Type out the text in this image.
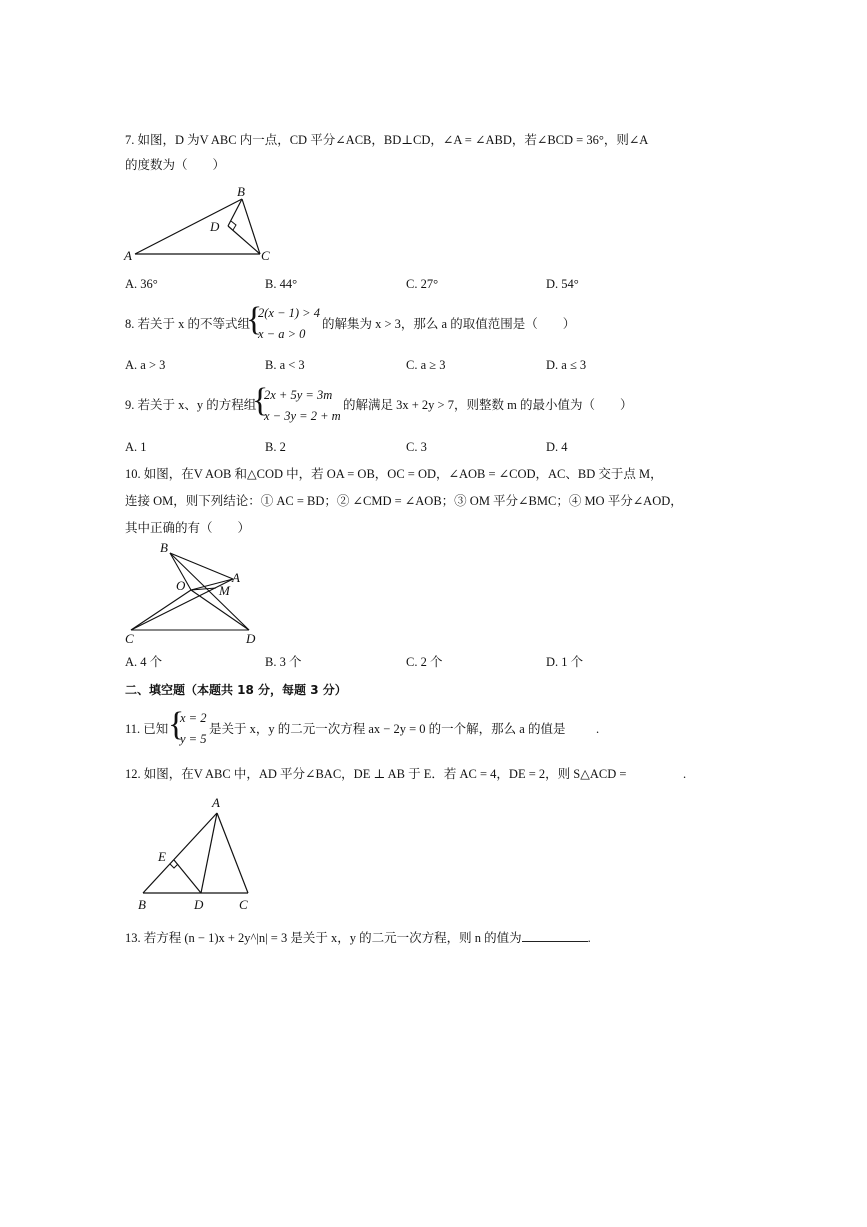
7. 如图，D 为V ABC 内一点，CD 平分∠ACB，BD⊥CD，∠A = ∠ABD，若∠BCD = 36°，则∠A
的度数为（　　）
B
D
A	C
A. 36°	B. 44°	C. 27°	D. 54°
8. 若关于 x 的不等式组
{
2(x − 1) > 4
x − a > 0
的解集为 x > 3，那么 a 的取值范围是（　　）
A. a > 3	B. a < 3	C. a ≥ 3	D. a ≤ 3
9. 若关于 x、y 的方程组
{
2x + 5y = 3m
x − 3y = 2 + m
的解满足 3x + 2y > 7，则整数 m 的最小值为（　　）
A. 1	B. 2	C. 3	D. 4
10. 如图，在V AOB 和△COD 中，若 OA = OB，OC = OD，∠AOB = ∠COD，AC、BD 交于点 M，
连接 OM，则下列结论：① AC = BD；② ∠CMD = ∠AOB；③ OM 平分∠BMC；④ MO 平分∠AOD，
其中正确的有（　　）
B
O
A
M
C	D
A. 4 个	B. 3 个	C. 2 个	D. 1 个
二、填空题（本题共 18 分，每题 3 分）
11. 已知 {
x = 2
y = 5
是关于 x，y 的二元一次方程 ax − 2y = 0 的一个解，那么 a 的值是 .
12. 如图，在V ABC 中，AD 平分∠BAC，DE ⊥ AB 于 E．若 AC = 4，DE = 2，则 S△ACD =	.
A
E
B	D	C
13. 若方程 (n − 1)x + 2y^|n| = 3 是关于 x，y 的二元一次方程，则 n 的值为	.
